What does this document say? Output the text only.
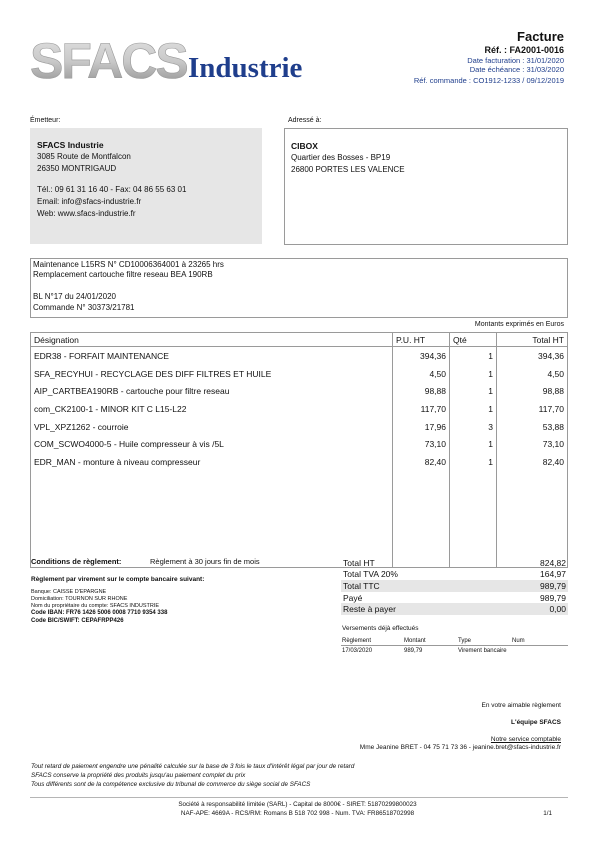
SFACS Industrie
Facture
Réf. : FA2001-0016
Date facturation : 31/01/2020
Date échéance : 31/03/2020
Réf. commande : CO1912-1233 / 09/12/2019
Émetteur:
SFACS Industrie
3085 Route de Montfalcon
26350 MONTRIGAUD
Tél.: 09 61 31 16 40 - Fax: 04 86 55 63 01
Email: info@sfacs-industrie.fr
Web: www.sfacs-industrie.fr
Adressé à:
CIBOX
Quartier des Bosses - BP19
26800 PORTES LES VALENCE
Maintenance L15RS N° CD10006364001 à 23265 hrs
Remplacement cartouche filtre reseau BEA 190RB
BL N°17 du 24/01/2020
Commande N° 30373/21781
Montants exprimés en Euros
Désignation	P.U. HT	Qté	Total HT
EDR38 - FORFAIT MAINTENANCE	394,36	1	394,36
SFA_RECYHUI - RECYCLAGE DES DIFF FILTRES ET HUILE	4,50	1	4,50
AIP_CARTBEA190RB - cartouche pour filtre reseau	98,88	1	98,88
com_CK2100-1 - MINOR KIT C L15-L22	117,70	1	117,70
VPL_XPZ1262 - courroie	17,96	3	53,88
COM_SCWO4000-5 - Huile compresseur à vis /5L	73,10	1	73,10
EDR_MAN - monture à niveau compresseur	82,40	1	82,40

Conditions de règlement:	Règlement à 30 jours fin de mois
Règlement par virement sur le compte bancaire suivant:
Banque: CAISSE D'EPARGNE
Domiciliation: TOURNON SUR RHONE
Nom du propriétaire du compte: SFACS INDUSTRIE
Code IBAN: FR76 1426 5006 0008 7710 9354 338
Code BIC/SWIFT: CEPAFRPP426
Total HT	824,82
Total TVA 20%	164,97
Total TTC	989,79
Payé	989,79
Reste à payer	0,00
Versements déjà effectués
Règlement	Montant	Type	Num
17/03/2020	989,79	Virement bancaire	
En votre aimable règlement
L'équipe SFACS
Notre service comptable
Mme Jeanine BRET - 04 75 71 73 36 - jeanine.bret@sfacs-industrie.fr
Tout retard de paiement engendre une pénalité calculée sur la base de 3 fois le taux d'intérêt légal par jour de retard
SFACS conserve la propriété des produits jusqu'au paiement complet du prix
Tous différents sont de la compétence exclusive du tribunal de commerce du siège social de SFACS
Société à responsabilité limitée (SARL) - Capital de 8000€ - SIRET: 51870299800023
NAF-APE: 4669A - RCS/RM: Romans B 518 702 998 - Num. TVA: FR86518702998	1/1
